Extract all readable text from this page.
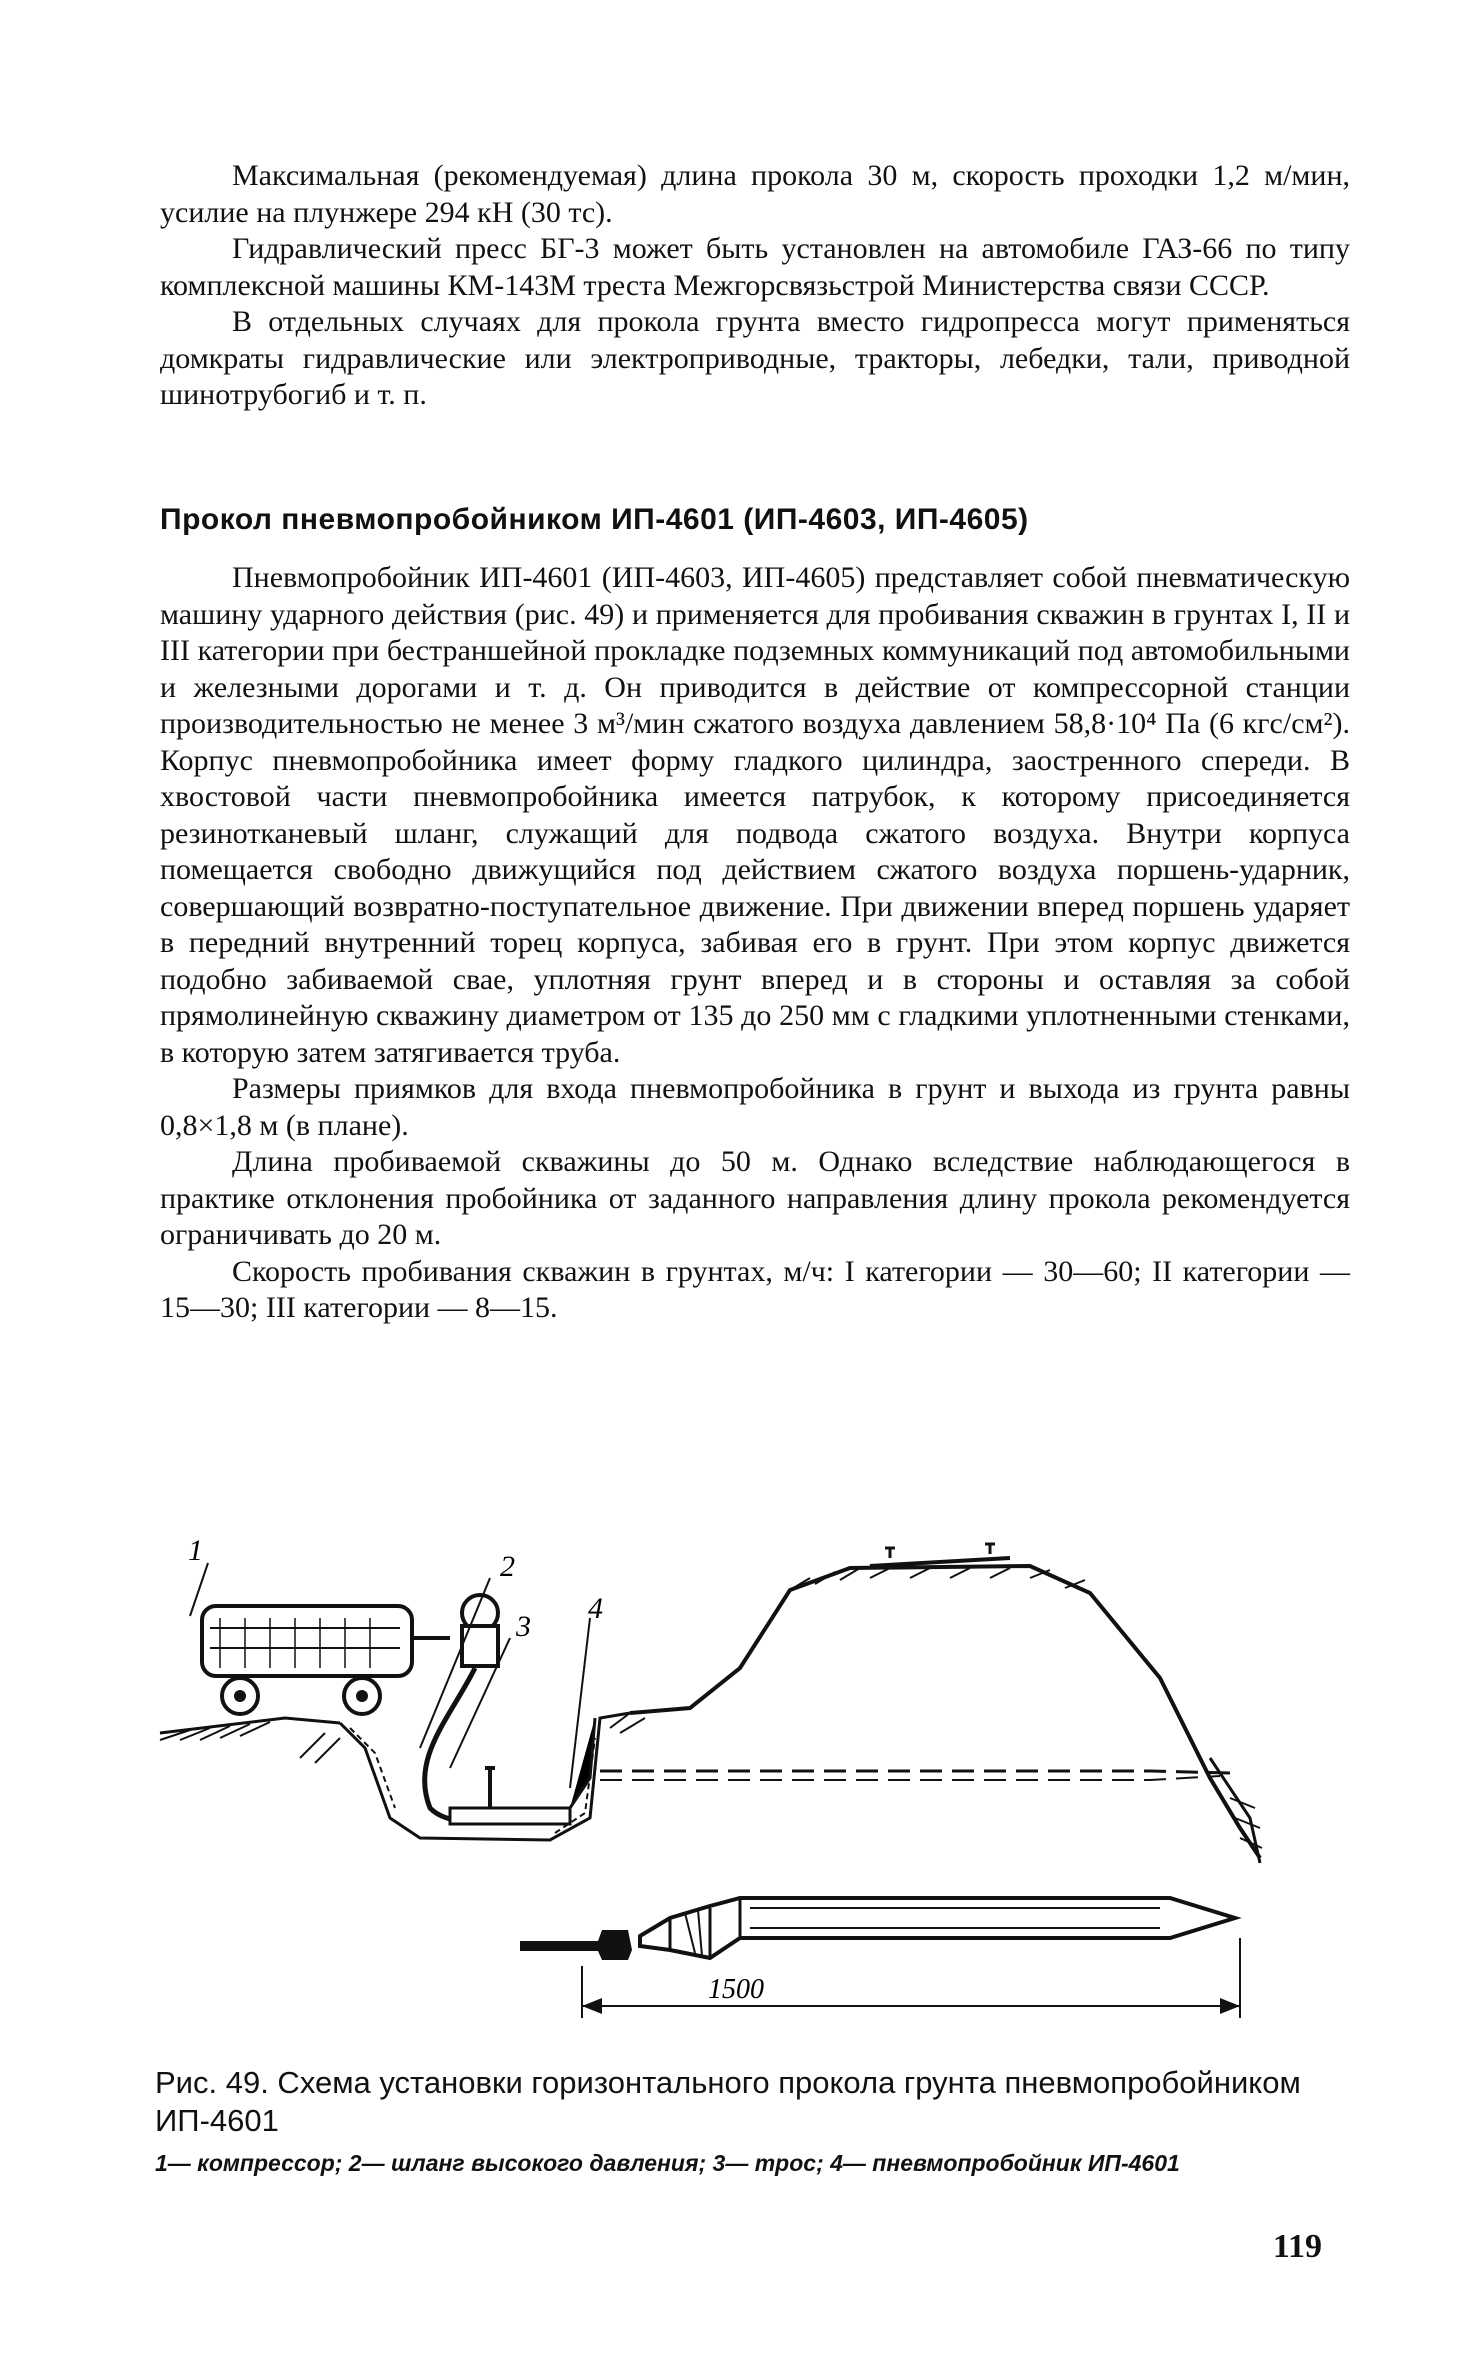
Максимальная (рекомендуемая) длина прокола 30 м, скорость проходки 1,2 м/мин, усилие на плунжере 294 кН (30 тс).

Гидравлический пресс БГ-3 может быть установлен на автомобиле ГАЗ-66 по типу комплексной машины КМ-143М треста Межгорсвязьстрой Министерства связи СССР.

В отдельных случаях для прокола грунта вместо гидропресса могут применяться домкраты гидравлические или электроприводные, тракторы, лебедки, тали, приводной шинотрубогиб и т. п.

Прокол пневмопробойником ИП-4601 (ИП-4603, ИП-4605)

Пневмопробойник ИП-4601 (ИП-4603, ИП-4605) представляет собой пневматическую машину ударного действия (рис. 49) и применяется для пробивания скважин в грунтах I, II и III категории при бестраншейной прокладке подземных коммуникаций под автомобильными и железными дорогами и т. д. Он приводится в действие от компрессорной станции производительностью не менее 3 м³/мин сжатого воздуха давлением 58,8·10⁴ Па (6 кгс/см²). Корпус пневмопробойника имеет форму гладкого цилиндра, заостренного спереди. В хвостовой части пневмопробойника имеется патрубок, к которому присоединяется резинотканевый шланг, служащий для подвода сжатого воздуха. Внутри корпуса помещается свободно движущийся под действием сжатого воздуха поршень-ударник, совершающий возвратно-поступательное движение. При движении вперед поршень ударяет в передний внутренний торец корпуса, забивая его в грунт. При этом корпус движется подобно забиваемой свае, уплотняя грунт вперед и в стороны и оставляя за собой прямолинейную скважину диаметром от 135 до 250 мм с гладкими уплотненными стенками, в которую затем затягивается труба.

Размеры приямков для входа пневмопробойника в грунт и выхода из грунта равны 0,8×1,8 м (в плане).

Длина пробиваемой скважины до 50 м. Однако вследствие наблюдающегося в практике отклонения пробойника от заданного направления длину прокола рекомендуется ограничивать до 20 м.

Скорость пробивания скважин в грунтах, м/ч: I категории — 30—60; II категории — 15—30; III категории — 8—15.

1	2
3
4
1500

Рис. 49. Схема установки горизонтального прокола грунта пневмопробойником ИП-4601

1— компрессор; 2— шланг высокого давления; 3— трос; 4— пневмопробойник ИП-4601
119
